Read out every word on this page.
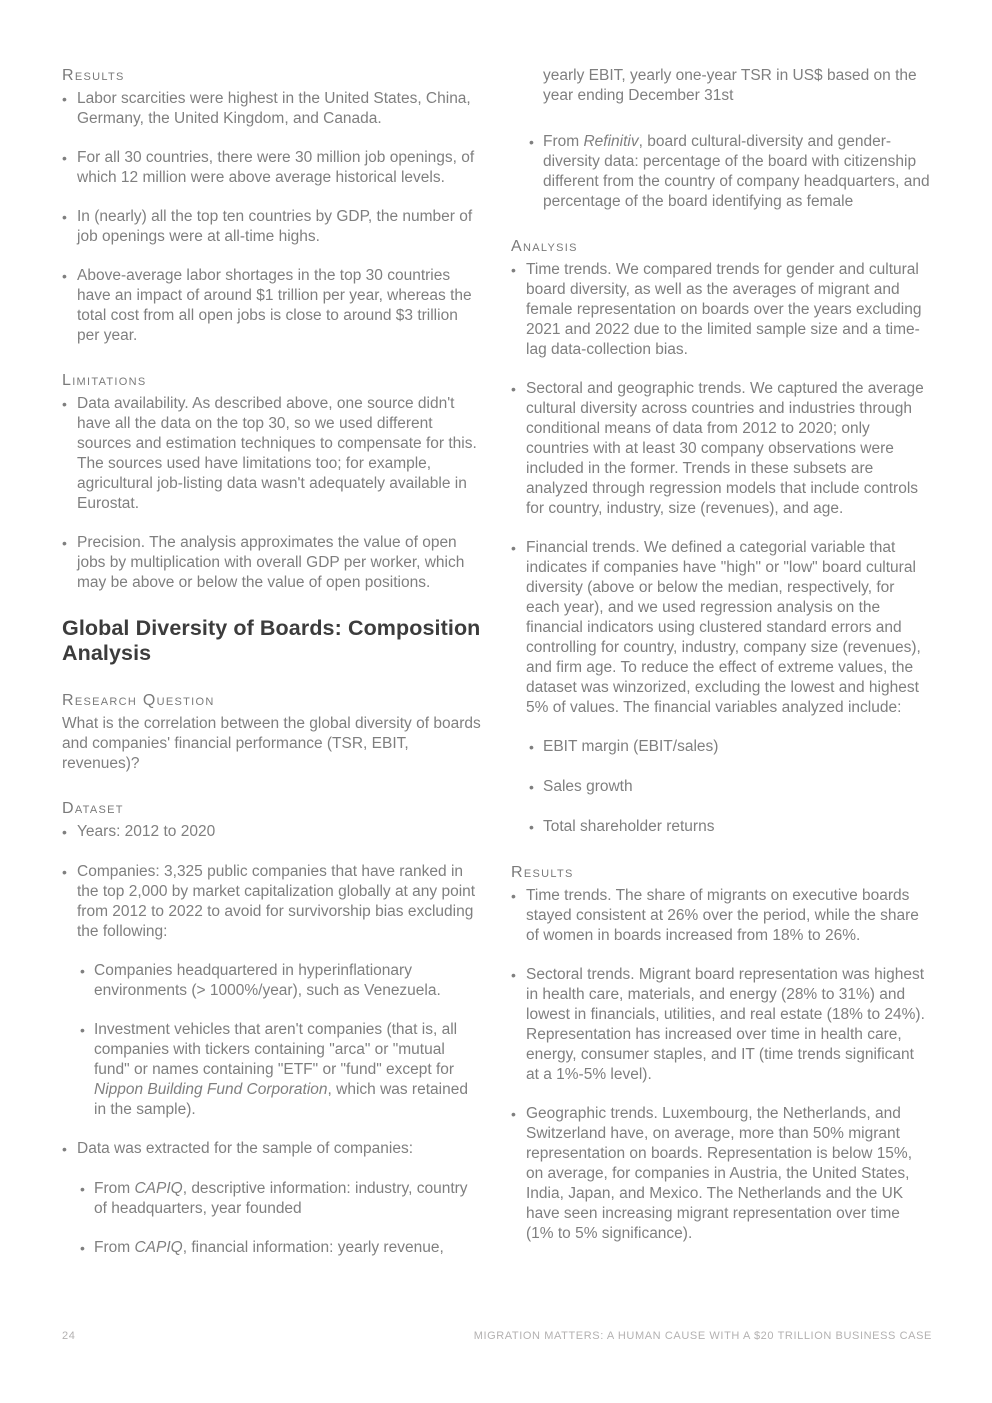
Results
•
Labor scarcities were highest in the United States, China, Germany, the United Kingdom, and Canada.
•
For all 30 countries, there were 30 million job openings, of which 12 million were above average historical levels.
•
In (nearly) all the top ten countries by GDP, the number of job openings were at all-time highs.
•
Above-average labor shortages in the top 30 countries have an impact of around $1 trillion per year, whereas the total cost from all open jobs is close to around $3 trillion per year.
Limitations
•
Data availability. As described above, one source didn't have all the data on the top 30, so we used different sources and estimation techniques to compensate for this. The sources used have limitations too; for example, agricultural job-listing data wasn't adequately available in Eurostat.
•
Precision. The analysis approximates the value of open jobs by multiplication with overall GDP per worker, which may be above or below the value of open positions.
Global Diversity of Boards: Composition Analysis
Research Question
What is the correlation between the global diversity of boards and companies' financial performance (TSR, EBIT, revenues)?
Dataset
•
Years: 2012 to 2020
•
Companies: 3,325 public companies that have ranked in the top 2,000 by market capitalization globally at any point from 2012 to 2022 to avoid for survivorship bias excluding the following:
•
Companies headquartered in hyperinflationary environments (> 1000%/year), such as Venezuela.
•
Investment vehicles that aren't companies (that is, all companies with tickers containing "arca" or "mutual fund" or names containing "ETF" or "fund" except for Nippon Building Fund Corporation, which was retained in the sample).
•
Data was extracted for the sample of companies:
•
From CAPIQ, descriptive information: industry, country of headquarters, year founded
•
From CAPIQ, financial information: yearly revenue,
yearly EBIT, yearly one-year TSR in US$ based on the year ending December 31st
•
From Refinitiv, board cultural-diversity and gender-diversity data: percentage of the board with citizenship different from the country of company headquarters, and percentage of the board identifying as female
Analysis
•
Time trends. We compared trends for gender and cultural board diversity, as well as the averages of migrant and female representation on boards over the years excluding 2021 and 2022 due to the limited sample size and a time-lag data-collection bias.
•
Sectoral and geographic trends. We captured the average cultural diversity across countries and industries through conditional means of data from 2012 to 2020; only countries with at least 30 company observations were included in the former. Trends in these subsets are analyzed through regression models that include controls for country, industry, size (revenues), and age.
•
Financial trends. We defined a categorial variable that indicates if companies have "high" or "low" board cultural diversity (above or below the median, respectively, for each year), and we used regression analysis on the financial indicators using clustered standard errors and controlling for country, industry, company size (revenues), and firm age. To reduce the effect of extreme values, the dataset was winzorized, excluding the lowest and highest 5% of values. The financial variables analyzed include:
•
EBIT margin (EBIT/sales)
•
Sales growth
•
Total shareholder returns
Results
•
Time trends. The share of migrants on executive boards stayed consistent at 26% over the period, while the share of women in boards increased from 18% to 26%.
•
Sectoral trends. Migrant board representation was highest in health care, materials, and energy (28% to 31%) and lowest in financials, utilities, and real estate (18% to 24%). Representation has increased over time in health care, energy, consumer staples, and IT (time trends significant at a 1%-5% level).
•
Geographic trends. Luxembourg, the Netherlands, and Switzerland have, on average, more than 50% migrant representation on boards. Representation is below 15%, on average, for companies in Austria, the United States, India, Japan, and Mexico. The Netherlands and the UK have seen increasing migrant representation over time (1% to 5% significance).
24	MIGRATION MATTERS: A HUMAN CAUSE WITH A $20 TRILLION BUSINESS CASE
